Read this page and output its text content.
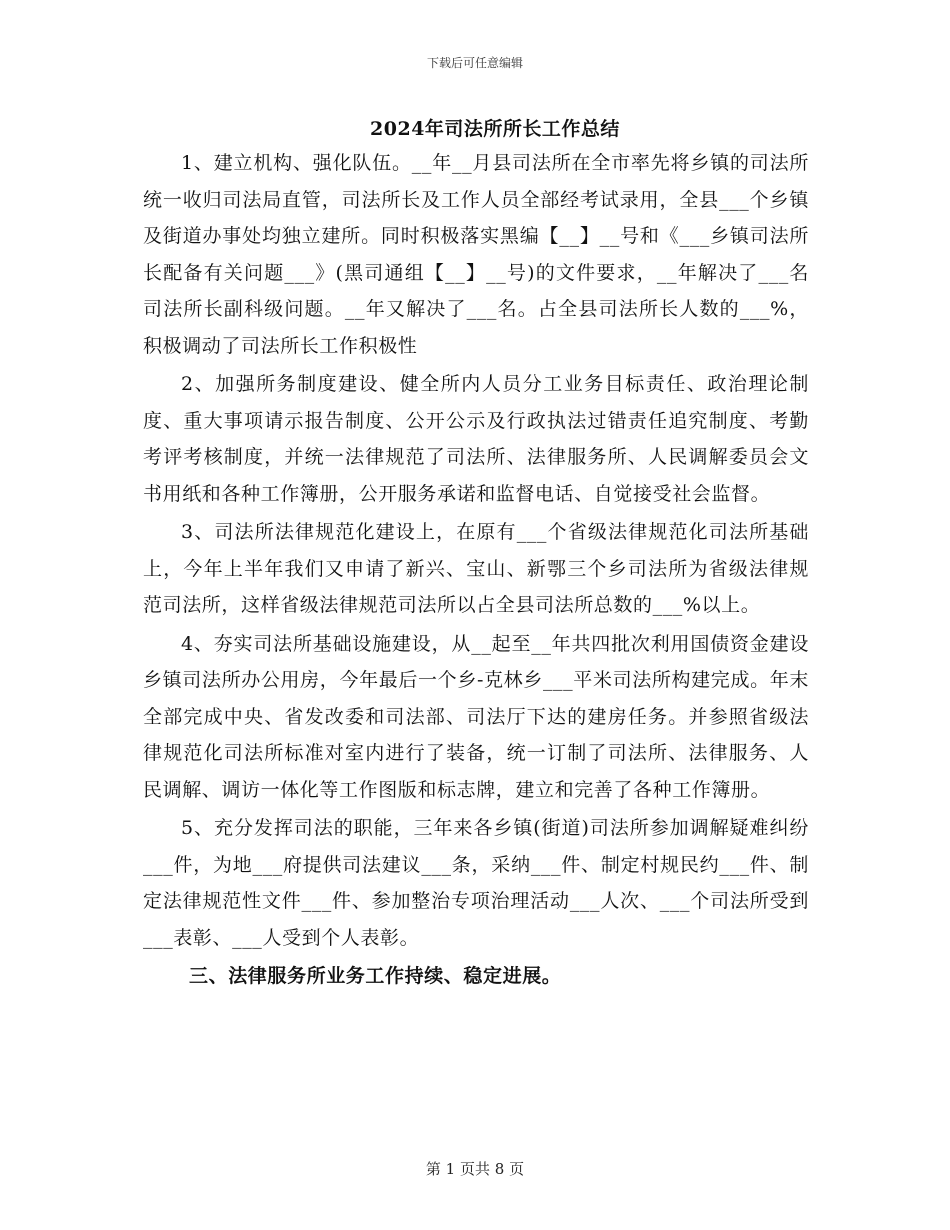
下载后可任意编辑
2024年司法所所长工作总结

1、建立机构、强化队伍。__年__月县司法所在全市率先将乡镇的司法所统一收归司法局直管，司法所长及工作人员全部经考试录用，全县___个乡镇及街道办事处均独立建所。同时积极落实黑编【__】__号和《___乡镇司法所长配备有关问题___》(黑司通组【__】__号)的文件要求，__年解决了___名司法所长副科级问题。__年又解决了___名。占全县司法所长人数的___%，积极调动了司法所长工作积极性

2、加强所务制度建设、健全所内人员分工业务目标责任、政治理论制度、重大事项请示报告制度、公开公示及行政执法过错责任追究制度、考勤考评考核制度，并统一法律规范了司法所、法律服务所、人民调解委员会文书用纸和各种工作簿册，公开服务承诺和监督电话、自觉接受社会监督。

3、司法所法律规范化建设上，在原有___个省级法律规范化司法所基础上，今年上半年我们又申请了新兴、宝山、新鄂三个乡司法所为省级法律规范司法所，这样省级法律规范司法所以占全县司法所总数的___%以上。

4、夯实司法所基础设施建设，从__起至__年共四批次利用国债资金建设乡镇司法所办公用房，今年最后一个乡-克林乡___平米司法所构建完成。年末全部完成中央、省发改委和司法部、司法厅下达的建房任务。并参照省级法律规范化司法所标准对室内进行了装备，统一订制了司法所、法律服务、人民调解、调访一体化等工作图版和标志牌，建立和完善了各种工作簿册。

5、充分发挥司法的职能，三年来各乡镇(街道)司法所参加调解疑难纠纷___件，为地___府提供司法建议___条，采纳___件、制定村规民约___件、制定法律规范性文件___件、参加整治专项治理活动___人次、___个司法所受到___表彰、___人受到个人表彰。

三、法律服务所业务工作持续、稳定进展。

第 1 页共 8 页
